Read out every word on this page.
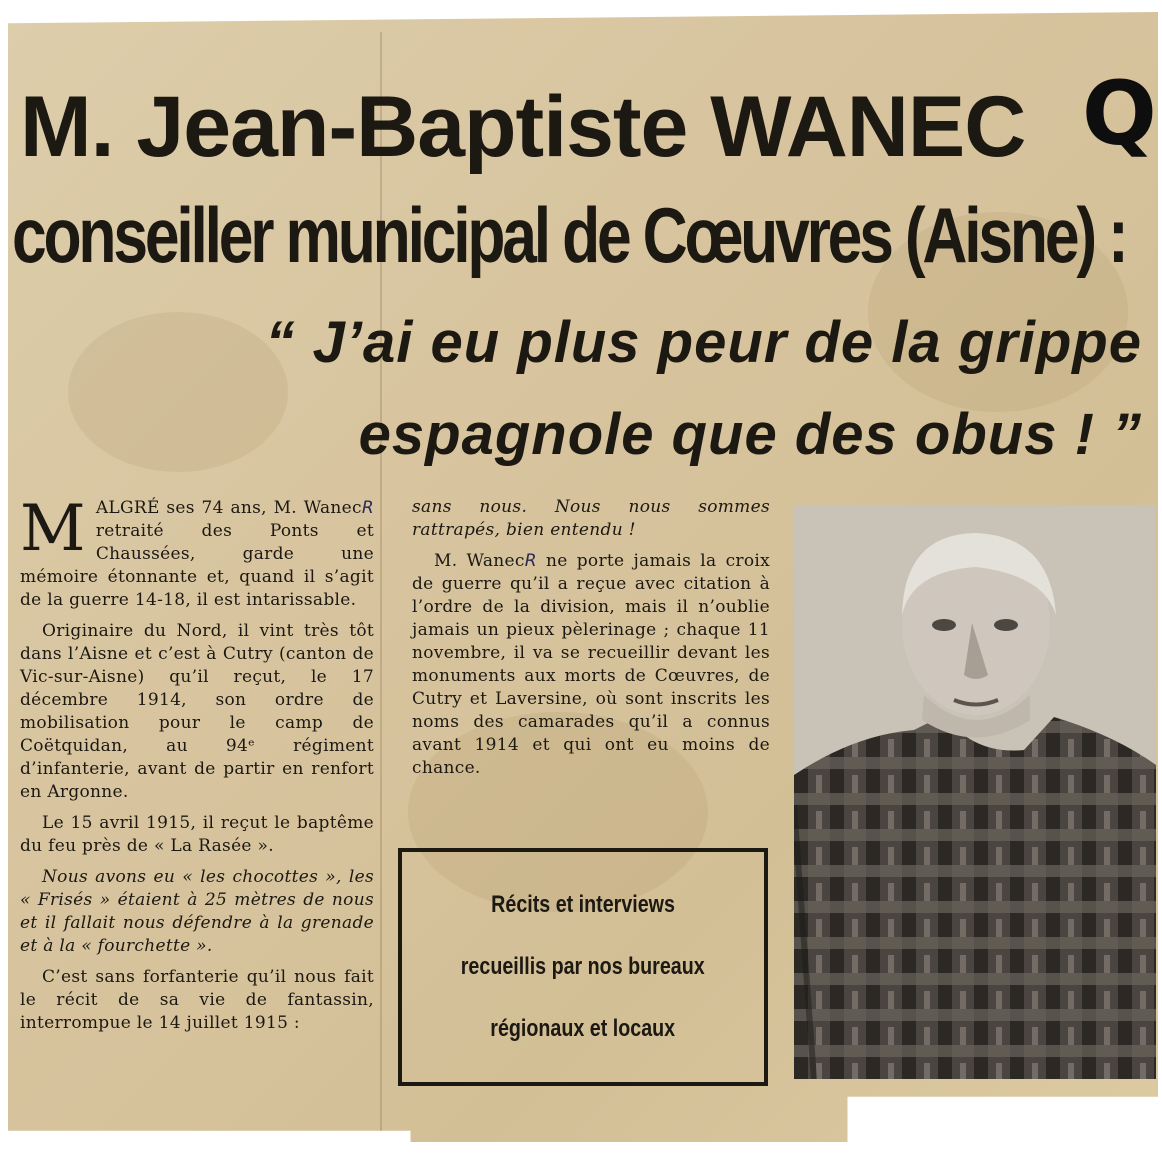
M. Jean-Baptiste WANEC Q
conseiller municipal de Cœuvres (Aisne) :
“ J’ai eu plus peur de la grippe
espagnole que des obus ! ”

M ALGRÉ ses 74 ans, M. WanecR retraité des Ponts et Chaussées, garde une mémoire étonnante et, quand il s’agit de la guerre 14-18, il est intarissable.

Originaire du Nord, il vint très tôt dans l’Aisne et c’est à Cutry (canton de Vic-sur-Aisne) qu’il reçut, le 17 décembre 1914, son ordre de mobilisation pour le camp de Coëtquidan, au 94ᵉ régiment d’infanterie, avant de partir en renfort en Argonne.

Le 15 avril 1915, il reçut le baptême du feu près de « La Rasée ».

Nous avons eu « les chocottes », les « Frisés » étaient à 25 mètres de nous et il fallait nous défendre à la grenade et à la « fourchette ».

C’est sans forfanterie qu’il nous fait le récit de sa vie de fantassin, interrompue le 14 juillet 1915 :

sans nous. Nous nous sommes rattrapés, bien entendu !

M. WanecR ne porte jamais la croix de guerre qu’il a reçue avec citation à l’ordre de la division, mais il n’oublie jamais un pieux pèlerinage ; chaque 11 novembre, il va se recueillir devant les monuments aux morts de Cœuvres, de Cutry et Laversine, où sont inscrits les noms des camarades qu’il a connus avant 1914 et qui ont eu moins de chance.

Récits et interviews
recueillis par nos bureaux
régionaux et locaux
